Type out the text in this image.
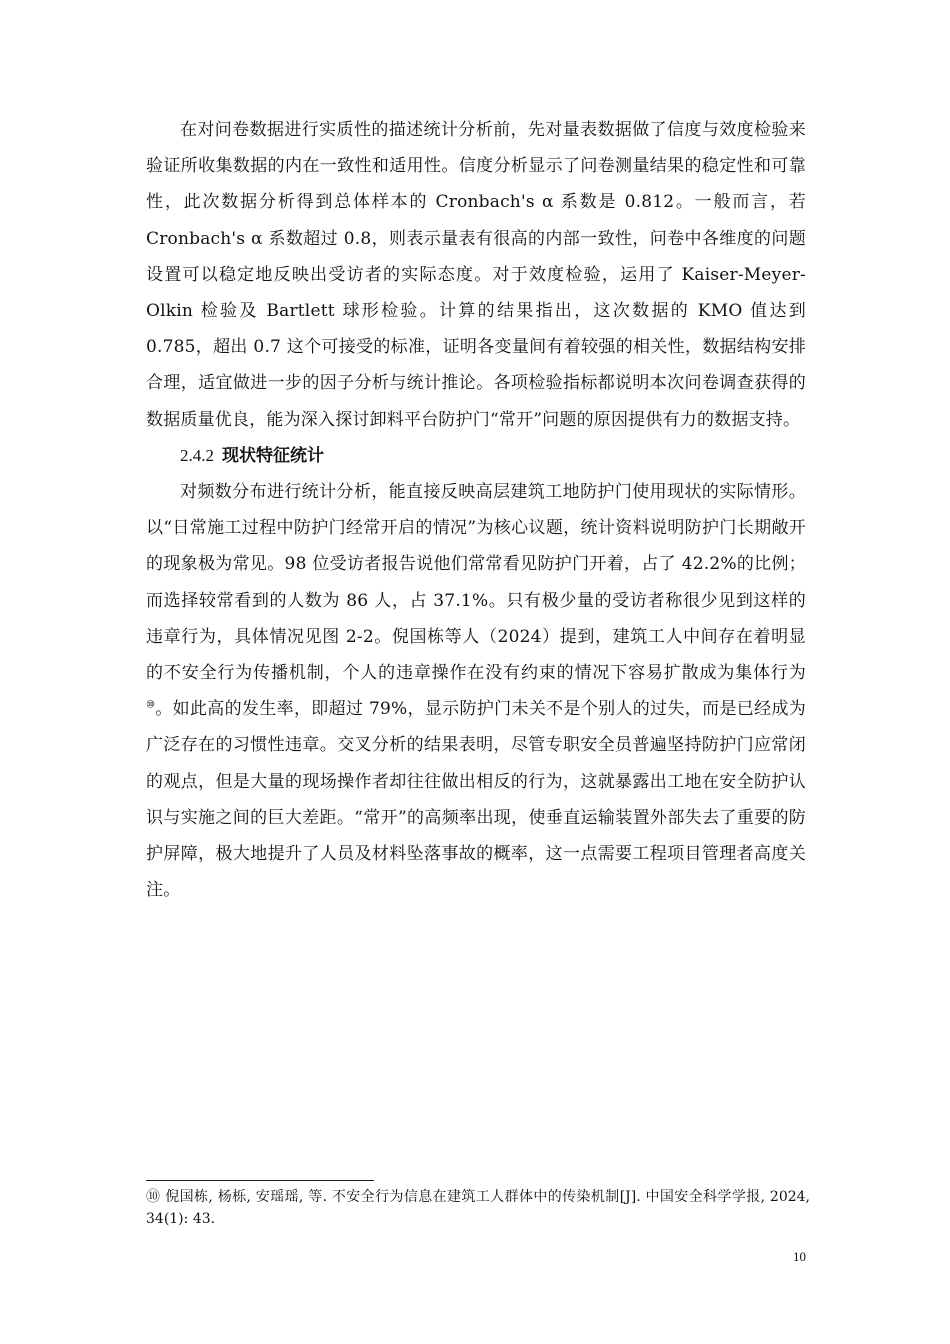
在对问卷数据进行实质性的描述统计分析前，先对量表数据做了信度与效度检验来验证所收集数据的内在一致性和适用性。信度分析显示了问卷测量结果的稳定性和可靠性，此次数据分析得到总体样本的 Cronbach's α 系数是 0.812。一般而言，若 Cronbach's α 系数超过 0.8，则表示量表有很高的内部一致性，问卷中各维度的问题设置可以稳定地反映出受访者的实际态度。对于效度检验，运用了 Kaiser-Meyer-Olkin 检验及 Bartlett 球形检验。计算的结果指出，这次数据的 KMO 值达到 0.785，超出 0.7 这个可接受的标准，证明各变量间有着较强的相关性，数据结构安排合理，适宜做进一步的因子分析与统计推论。各项检验指标都说明本次问卷调查获得的数据质量优良，能为深入探讨卸料平台防护门“常开”问题的原因提供有力的数据支持。

2.4.2 现状特征统计

对频数分布进行统计分析，能直接反映高层建筑工地防护门使用现状的实际情形。以“日常施工过程中防护门经常开启的情况”为核心议题，统计资料说明防护门长期敞开的现象极为常见。98 位受访者报告说他们常常看见防护门开着，占了 42.2%的比例；而选择较常看到的人数为 86 人，占 37.1%。只有极少量的受访者称很少见到这样的违章行为，具体情况见图 2-2。倪国栋等人（2024）提到，建筑工人中间存在着明显的不安全行为传播机制，个人的违章操作在没有约束的情况下容易扩散成为集体行为⑩。如此高的发生率，即超过 79%，显示防护门未关不是个别人的过失，而是已经成为广泛存在的习惯性违章。交叉分析的结果表明，尽管专职安全员普遍坚持防护门应常闭的观点，但是大量的现场操作者却往往做出相反的行为，这就暴露出工地在安全防护认识与实施之间的巨大差距。“常开”的高频率出现，使垂直运输装置外部失去了重要的防护屏障，极大地提升了人员及材料坠落事故的概率，这一点需要工程项目管理者高度关注。

⑩ 倪国栋, 杨栎, 安瑶瑶, 等. 不安全行为信息在建筑工人群体中的传染机制[J]. 中国安全科学学报, 2024, 34(1): 43.
10
